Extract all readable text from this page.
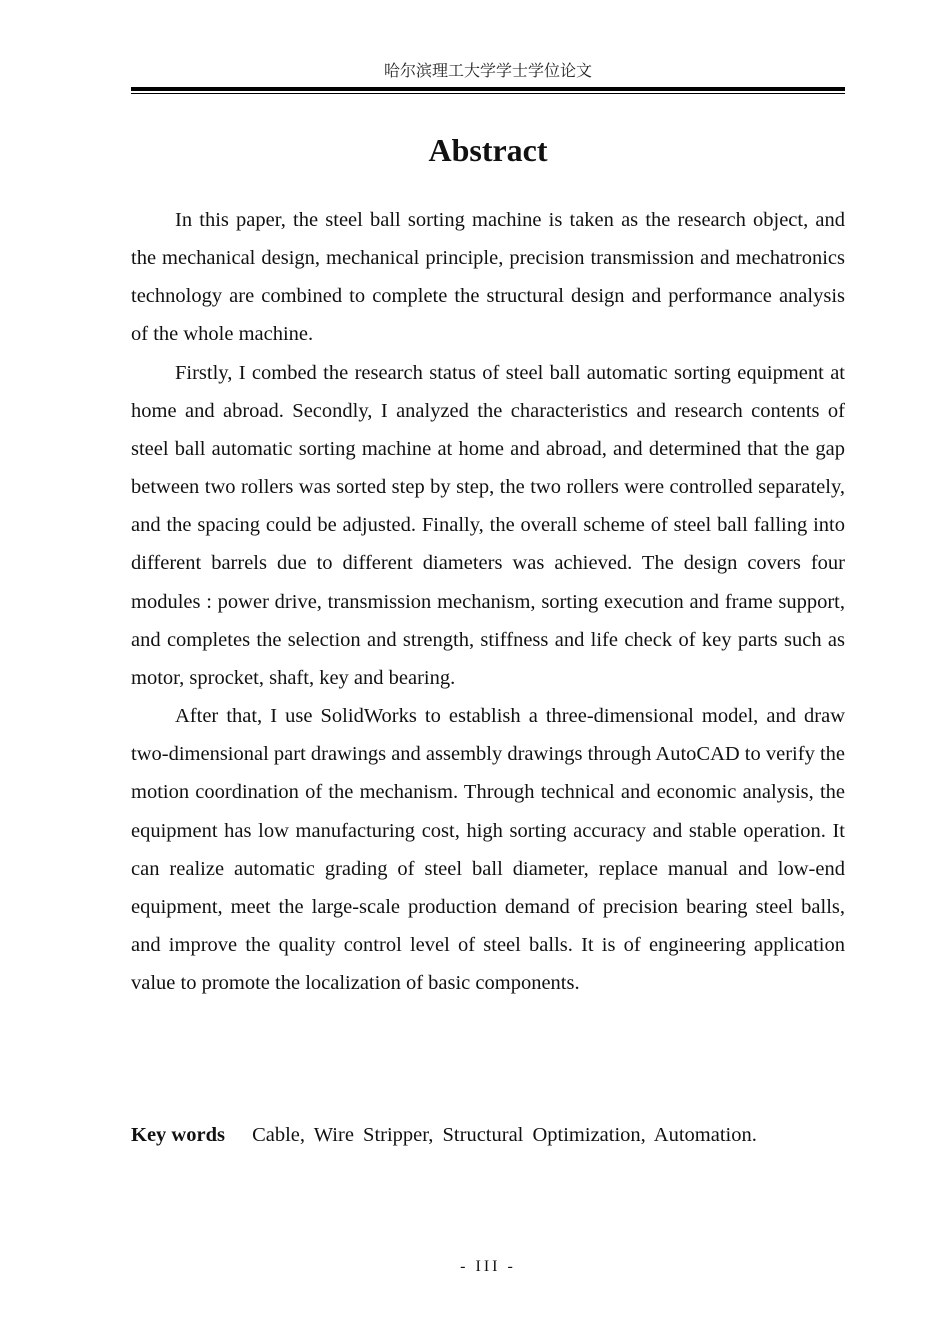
哈尔滨理工大学学士学位论文
Abstract

In this paper, the steel ball sorting machine is taken as the research object, and the mechanical design, mechanical principle, precision transmission and mechatronics technology are combined to complete the structural design and performance analysis of the whole machine.

Firstly, I combed the research status of steel ball automatic sorting equipment at home and abroad. Secondly, I analyzed the characteristics and research contents of steel ball automatic sorting machine at home and abroad, and determined that the gap between two rollers was sorted step by step, the two rollers were controlled separately, and the spacing could be adjusted. Finally, the overall scheme of steel ball falling into different barrels due to different diameters was achieved. The design covers four modules : power drive, transmission mechanism, sorting execution and frame support, and completes the selection and strength, stiffness and life check of key parts such as motor, sprocket, shaft, key and bearing.

After that, I use SolidWorks to establish a three-dimensional model, and draw two-dimensional part drawings and assembly drawings through AutoCAD to verify the motion coordination of the mechanism. Through technical and economic analysis, the equipment has low manufacturing cost, high sorting accuracy and stable operation. It can realize automatic grading of steel ball diameter, replace manual and low-end equipment, meet the large-scale production demand of precision bearing steel balls, and improve the quality control level of steel balls. It is of engineering application value to promote the localization of basic components.

Key words Cable, Wire Stripper, Structural Optimization, Automation.
- III -
